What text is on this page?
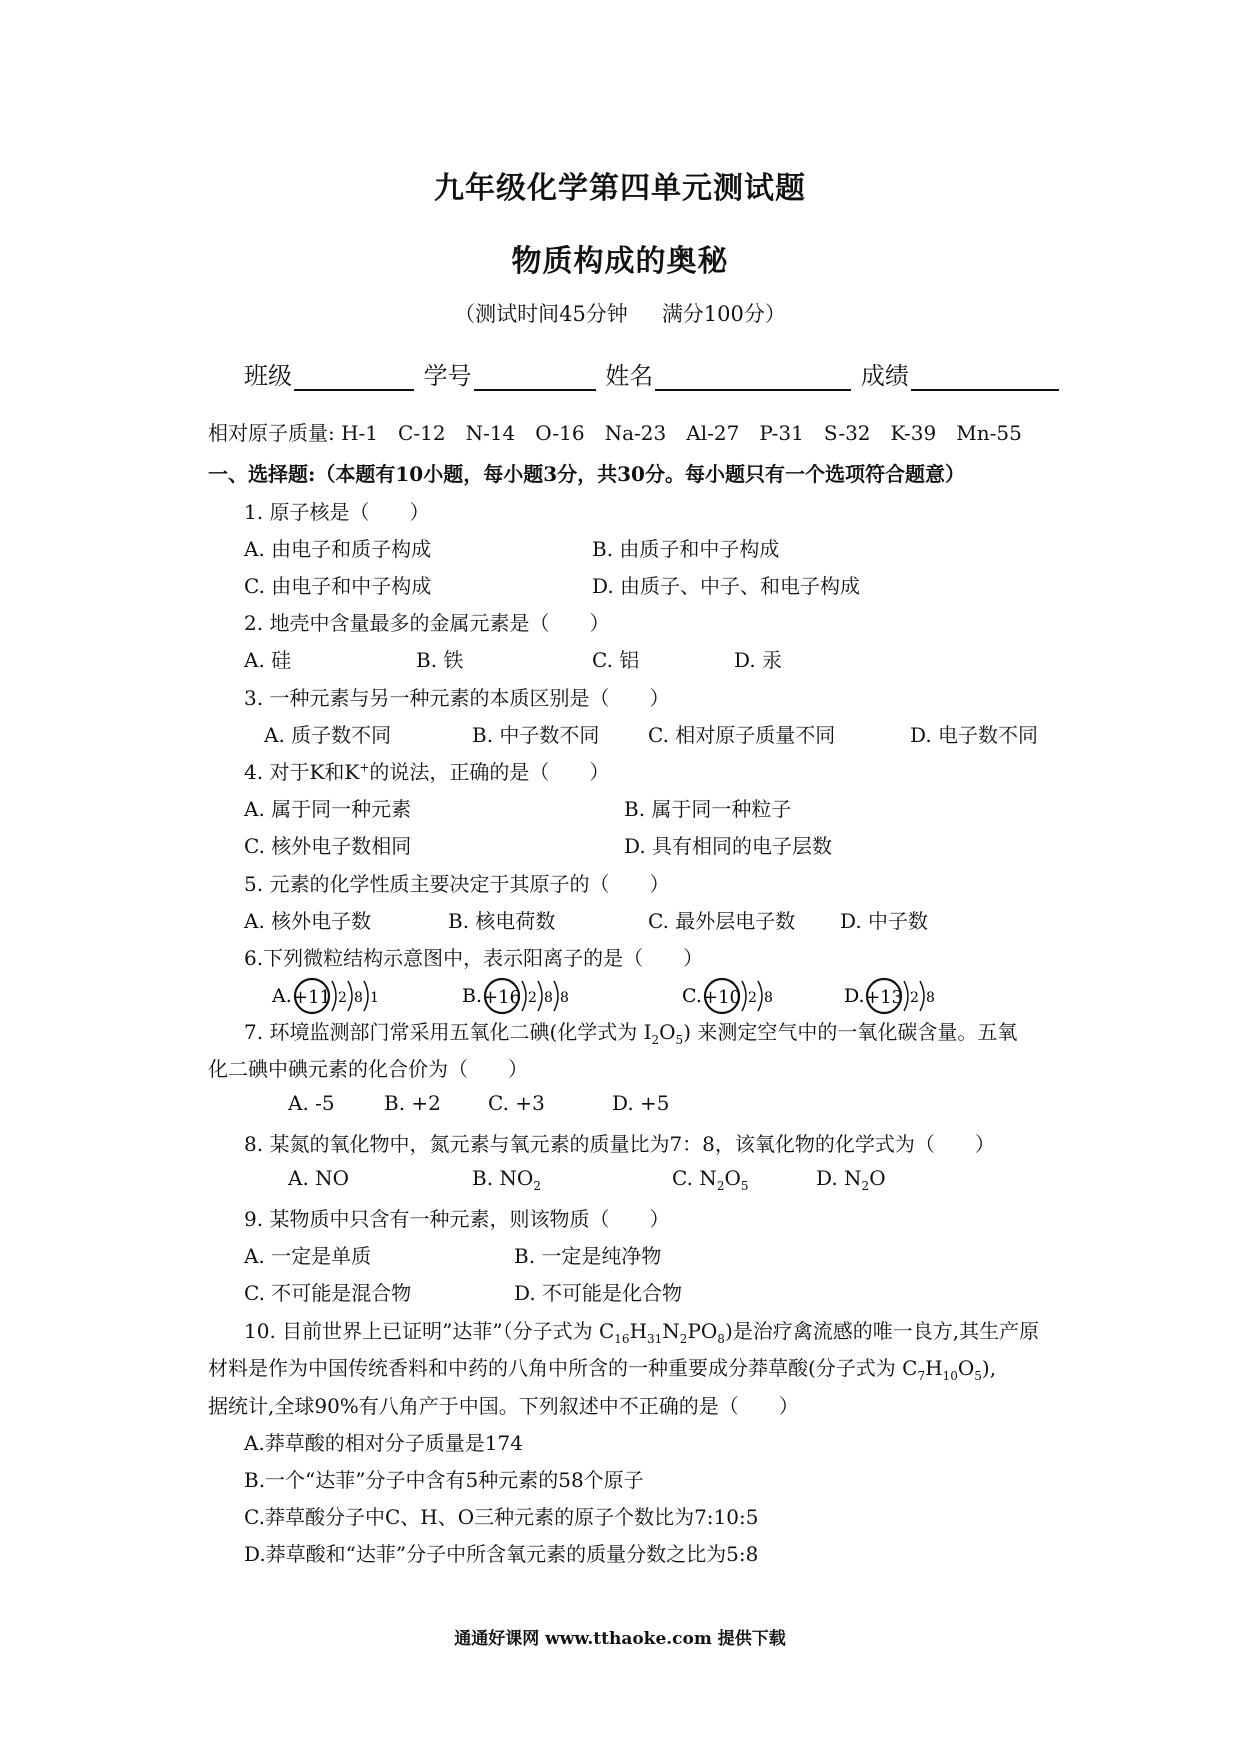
九年级化学第四单元测试题
物质构成的奥秘
（测试时间45分钟 满分100分）
班级	学号	姓名	成绩
相对原子质量: H-1 C-12 N-14 O-16 Na-23 Al-27 P-31 S-32 K-39 Mn-55
一、选择题:（本题有10小题，每小题3分，共30分。每小题只有一个选项符合题意）
1. 原子核是（　　）
A. 由电子和质子构成	B. 由质子和中子构成
C. 由电子和中子构成	D. 由质子、中子、和电子构成
2. 地壳中含量最多的金属元素是（　　）
A. 硅	B. 铁	C. 铝	D. 汞
3. 一种元素与另一种元素的本质区别是（　　）
A. 质子数不同	B. 中子数不同 C. 相对原子质量不同	D. 电子数不同
4. 对于K和K+的说法，正确的是（　　）
A. 属于同一种元素	B. 属于同一种粒子
C. 核外电子数相同	D. 具有相同的电子层数
5. 元素的化学性质主要决定于其原子的（　　）
A. 核外电子数	B. 核电荷数	C. 最外层电子数 D. 中子数
6.下列微粒结构示意图中，表示阳离子的是（　　）
A. +11 2 8 1	B. +16 2 8 8	C. +10 2 8	D. +13 2 8
7. 环境监测部门常采用五氧化二碘(化学式为 $I_2O_5$) 来测定空气中的一氧化碳含量。五氧
化二碘中碘元素的化合价为（　　）
A. -5 B. +2 C. +3	D. +5
8. 某氮的氧化物中，氮元素与氧元素的质量比为7：8，该氧化物的化学式为（　　）
A. NO	B. $NO_2$	C. $N_2O_5$	D. $N_2O$
9. 某物质中只含有一种元素，则该物质（　　）
A. 一定是单质	B. 一定是纯净物
C. 不可能是混合物	D. 不可能是化合物
10. 目前世界上已证明”达菲”（分子式为 $C_{16}H_{31}N_2PO_8$)是治疗禽流感的唯一良方,其生产原
材料是作为中国传统香料和中药的八角中所含的一种重要成分莽草酸(分子式为 $C_7H_{10}O_5$),
据统计,全球90%有八角产于中国。下列叙述中不正确的是（　　）
A.莽草酸的相对分子质量是174
B.一个“达菲”分子中含有5种元素的58个原子
C.莽草酸分子中C、H、O三种元素的原子个数比为7:10:5
D.莽草酸和“达菲”分子中所含氧元素的质量分数之比为5:8
通通好课网 www.tthaoke.com 提供下载
